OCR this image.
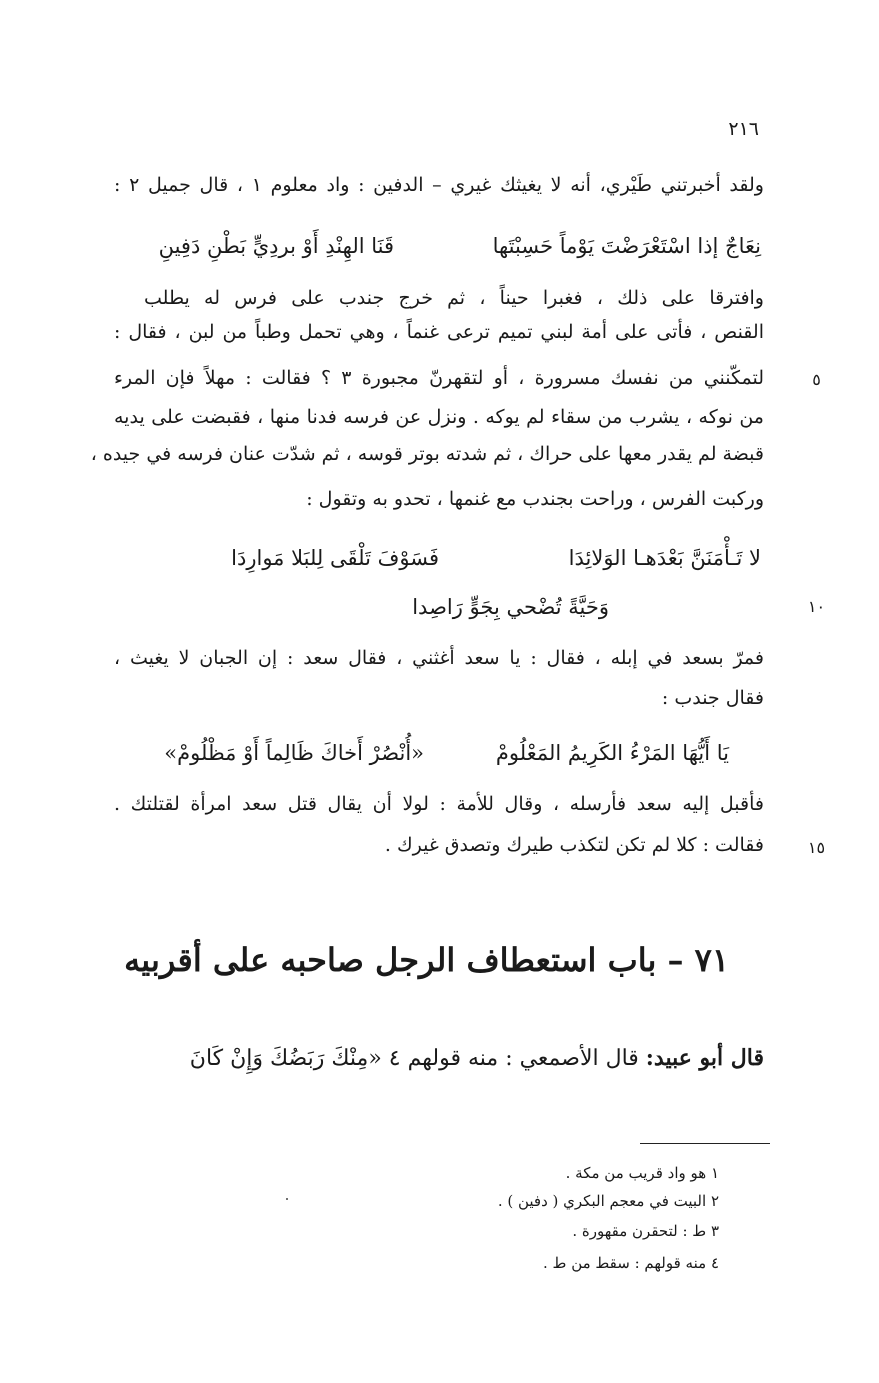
٢١٦
ولقد أخبرتني طَيْري، أنه لا يغيثك غيري – الدفين : واد معلوم ١ ، قال جميل ٢ :
نِعَاجٌ إذا اسْتَعْرَضْتَ يَوْماً حَسِبْتَها
قَنَا الهِنْدِ أَوْ بردِيٍّ بَطْنِ دَفِينِ
وافترقا على ذلك ، فغبرا حيناً ، ثم خرج جندب على فرس له يطلب
القنص ، فأتى على أمة لبني تميم ترعى غنماً ، وهي تحمل وطباً من لبن ، فقال :
لتمكّنني من نفسك مسرورة ، أو لتقهرنّ مجبورة ٣ ؟ فقالت : مهلاً فإن المرء	٥
من نوكه ، يشرب من سقاء لم يوكه . ونزل عن فرسه فدنا منها ، فقبضت على يديه
قبضة لم يقدر معها على حراك ، ثم شدته بوتر قوسه ، ثم شدّت عنان فرسه في جيده ،
وركبت الفرس ، وراحت بجندب مع غنمها ، تحدو به وتقول :
لا تَـأْمَنَنَّ بَعْدَهـا الوَلائِدَا
فَسَوْفَ تَلْقَى لِلبَلا مَوارِدَا
وَحَيَّةً تُضْحي بِجَوٍّ رَاصِدا	١٠
فمرّ بسعد في إبله ، فقال : يا سعد أغثني ، فقال سعد : إن الجبان لا يغيث ،
فقال جندب :
يَا أَيُّهَا المَرْءُ الكَرِيمُ المَعْلُومْ
«أُنْصُرْ أَخاكَ ظَالِماً أَوْ مَظْلُومْ»
فأقبل إليه سعد فأرسله ، وقال للأمة : لولا أن يقال قتل سعد امرأة لقتلتك .
فقالت : كلا لم تكن لتكذب طيرك وتصدق غيرك .	١٥
٧١ – باب استعطاف الرجل صاحبه على أقربيه
قال أبو عبيد: قال الأصمعي : منه قولهم ٤ «مِنْكَ رَبَضُكَ وَإِنْ كَانَ
١ هو واد قريب من مكة .
٢ البيت في معجم البكري ( دفين ) .
٣ ط : لتحقرن مقهورة .
٤ منه قولهم : سقط من ط .
